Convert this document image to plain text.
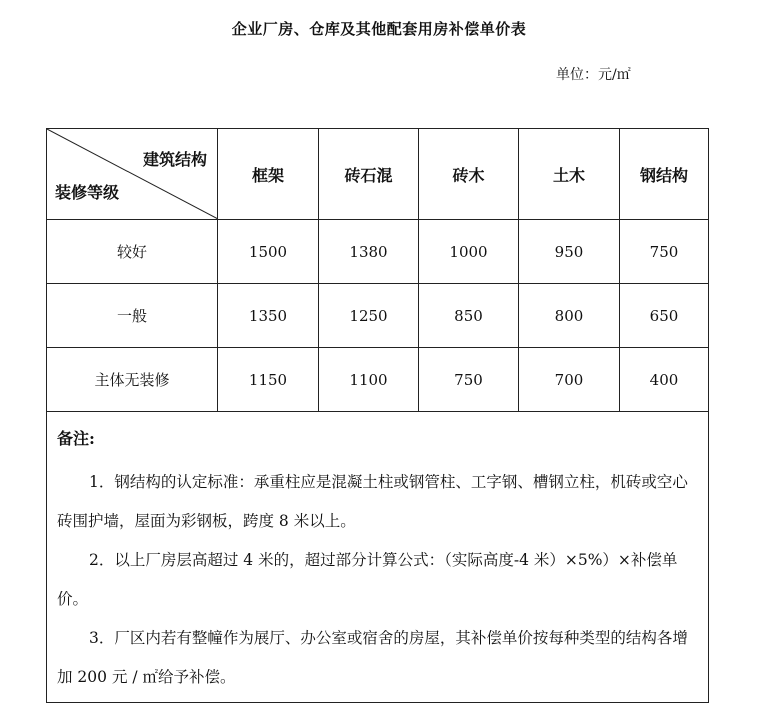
企业厂房、仓库及其他配套用房补偿单价表
单位：元/㎡
建筑结构
装修等级	框架	砖石混	砖木	土木	钢结构
较好	1500	1380	1000	950	750
一般	1350	1250	850	800	650
主体无装修	1150	1100	750	700	400

备注:

1．钢结构的认定标准：承重柱应是混凝土柱或钢管柱、工字钢、槽钢立柱，机砖或空心砖围护墙，屋面为彩钢板，跨度 8 米以上。

2．以上厂房层高超过 4 米的，超过部分计算公式：（实际高度-4 米）×5%）×补偿单价。

3．厂区内若有整幢作为展厅、办公室或宿舍的房屋，其补偿单价按每种类型的结构各增加 200 元 / ㎡给予补偿。					
